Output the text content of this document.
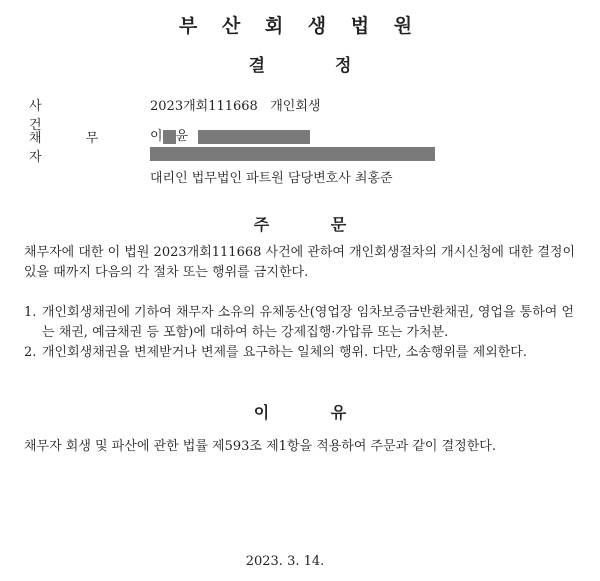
부 산 회 생 법 원
결 정
사 건
2023개회111668   개인회생
채 무 자
이 윤
대리인 법무법인 파트원 담당변호사 최홍준
주 문
채무자에 대한 이 법원 2023개회111668 사건에 관하여 개인회생절차의 개시신청에 대한 결정이 있을 때까지 다음의 각 절차 또는 행위를 금지한다.
1. 개인회생채권에 기하여 채무자 소유의 유체동산(영업장 임차보증금반환채권, 영업을 통하여 얻는 채권, 예금채권 등 포함)에 대하여 하는 강제집행·가압류 또는 가처분.
2. 개인회생채권을 변제받거나 변제를 요구하는 일체의 행위. 다만, 소송행위를 제외한다.
이 유
채무자 회생 및 파산에 관한 법률 제593조 제1항을 적용하여 주문과 같이 결정한다.
2023. 3. 14.
